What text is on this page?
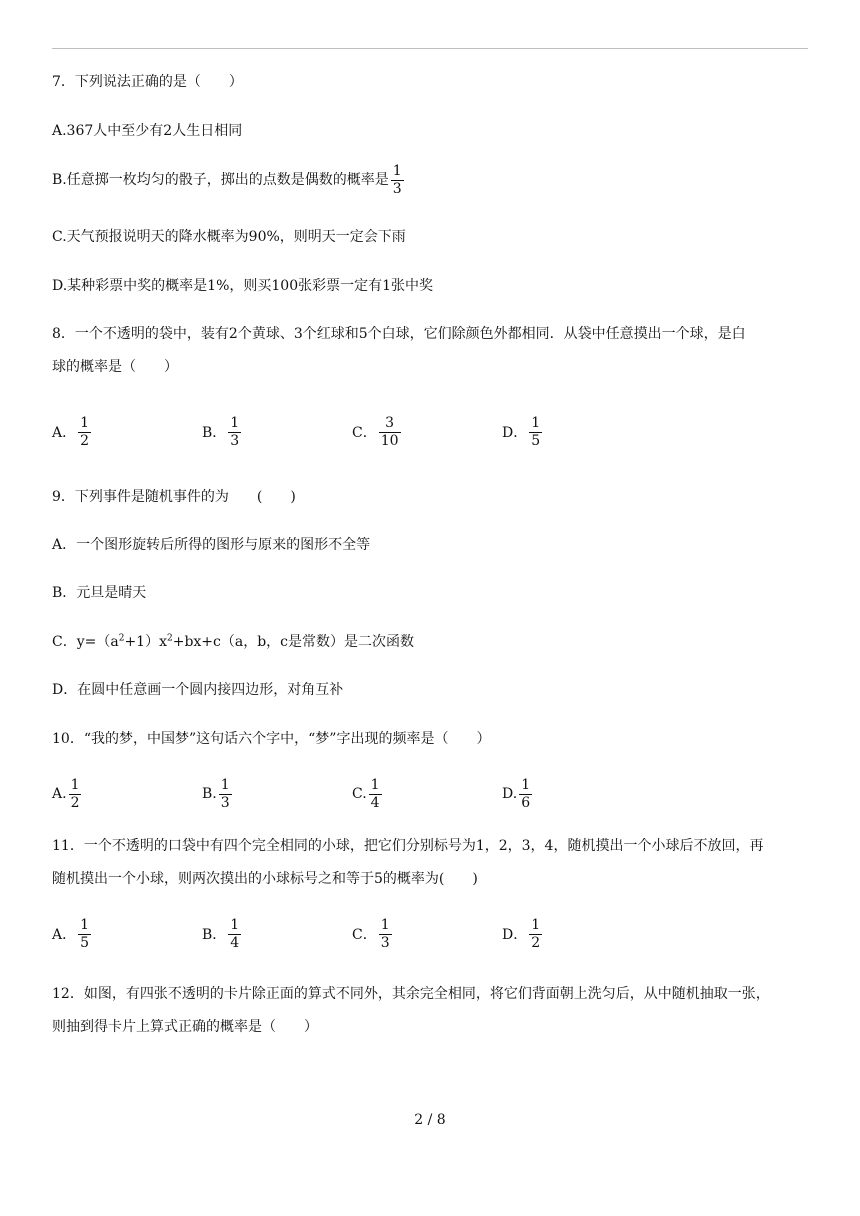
7．下列说法正确的是（　　）
A.367人中至少有2人生日相同
B.任意掷一枚均匀的骰子，掷出的点数是偶数的概率是 $\frac{1}{3}$
C.天气预报说明天的降水概率为90%，则明天一定会下雨
D.某种彩票中奖的概率是1%，则买100张彩票一定有1张中奖
8．一个不透明的袋中，装有2个黄球、3个红球和5个白球，它们除颜色外都相同．从袋中任意摸出一个球，是白
球的概率是（　　）
A． $\frac{1}{2}$	B． $\frac{1}{3}$	C． $\frac{3}{10}$	D． $\frac{1}{5}$
9．下列事件是随机事件的为　　(　　)
A．一个图形旋转后所得的图形与原来的图形不全等
B．元旦是晴天
C．$y=(a^2+1)x^2+bx+c(a$，b，c是常数）是二次函数
D．在圆中任意画一个圆内接四边形，对角互补
10．“我的梦，中国梦”这句话六个字中，“梦”字出现的频率是（　　）
A. $\frac{1}{2}$	B. $\frac{1}{3}$	C. $\frac{1}{4}$	D. $\frac{1}{6}$
11．一个不透明的口袋中有四个完全相同的小球，把它们分别标号为1，2，3，4，随机摸出一个小球后不放回，再
随机摸出一个小球，则两次摸出的小球标号之和等于5的概率为(　　)
A． $\frac{1}{5}$	B． $\frac{1}{4}$	C． $\frac{1}{3}$	D． $\frac{1}{2}$
12．如图，有四张不透明的卡片除正面的算式不同外，其余完全相同，将它们背面朝上洗匀后，从中随机抽取一张，
则抽到得卡片上算式正确的概率是（　　）
2 / 8
